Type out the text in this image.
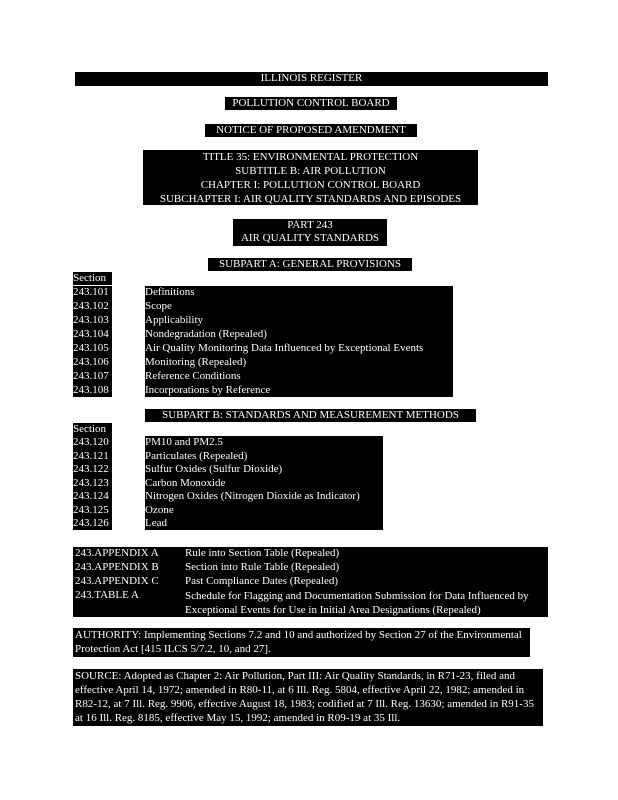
ILLINOIS REGISTER
POLLUTION CONTROL BOARD
NOTICE OF PROPOSED AMENDMENT
TITLE 35: ENVIRONMENTAL PROTECTION
SUBTITLE B: AIR POLLUTION
CHAPTER I: POLLUTION CONTROL BOARD
SUBCHAPTER I: AIR QUALITY STANDARDS AND EPISODES
PART 243
AIR QUALITY STANDARDS
SUBPART A: GENERAL PROVISIONS
Section
243.101
243.102
243.103
243.104
243.105
243.106
243.107
243.108
Definitions
Scope
Applicability
Nondegradation (Repealed)
Air Quality Monitoring Data Influenced by Exceptional Events
Monitoring (Repealed)
Reference Conditions
Incorporations by Reference
SUBPART B: STANDARDS AND MEASUREMENT METHODS
Section
243.120
243.121
243.122
243.123
243.124
243.125
243.126
PM10 and PM2.5
Particulates (Repealed)
Sulfur Oxides (Sulfur Dioxide)
Carbon Monoxide
Nitrogen Oxides (Nitrogen Dioxide as Indicator)
Ozone
Lead
243.APPENDIX A Rule into Section Table (Repealed)
243.APPENDIX B Section into Rule Table (Repealed)
243.APPENDIX C Past Compliance Dates (Repealed)
243.TABLE A	Schedule for Flagging and Documentation Submission for Data Influenced by Exceptional Events for Use in Initial Area Designations (Repealed)
AUTHORITY: Implementing Sections 7.2 and 10 and authorized by Section 27 of the Environmental Protection Act [415 ILCS 5/7.2, 10, and 27].
SOURCE: Adopted as Chapter 2: Air Pollution, Part III: Air Quality Standards, in R71-23, filed and effective April 14, 1972; amended in R80-11, at 6 Ill. Reg. 5804, effective April 22, 1982; amended in R82-12, at 7 Ill. Reg. 9906, effective August 18, 1983; codified at 7 Ill. Reg. 13630; amended in R91-35 at 16 Ill. Reg. 8185, effective May 15, 1992; amended in R09-19 at 35 Ill.
